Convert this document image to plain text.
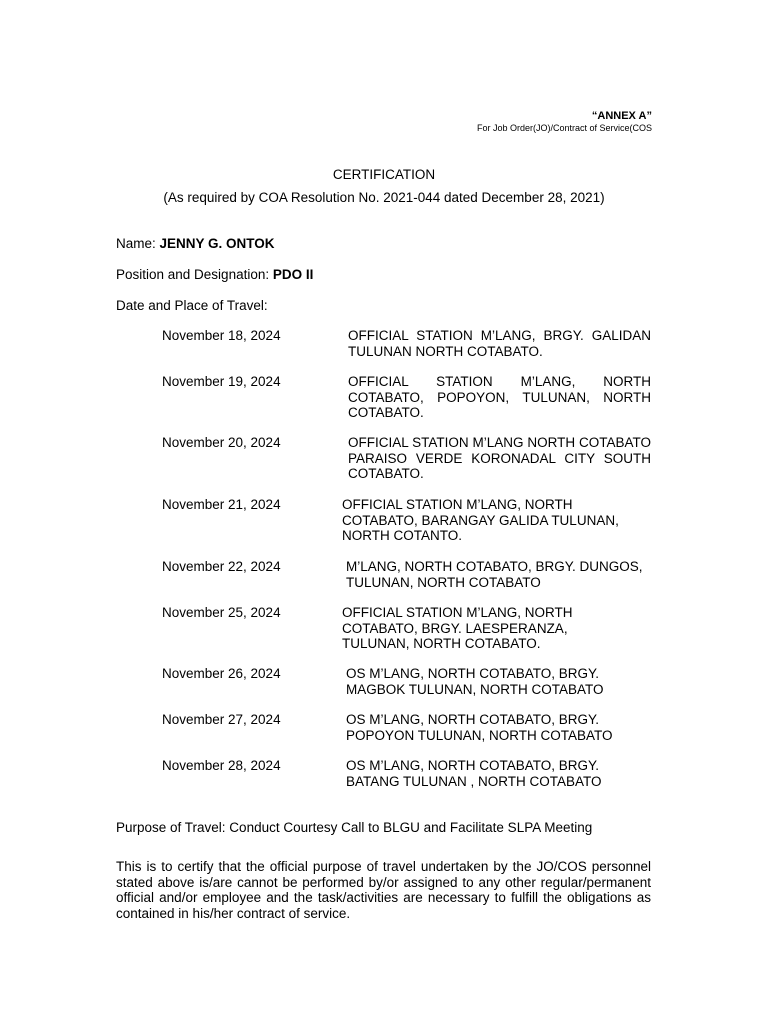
“ANNEX A”
For Job Order(JO)/Contract of Service(COS
CERTIFICATION
(As required by COA Resolution No. 2021-044 dated December 28, 2021)
Name: JENNY G. ONTOK
Position and Designation: PDO II
Date and Place of Travel:
November 18, 2024	OFFICIAL STATION M’LANG, BRGY. GALIDAN TULUNAN NORTH COTABATO.
November 19, 2024	OFFICIAL STATION M’LANG, NORTH COTABATO, POPOYON, TULUNAN, NORTH COTABATO.
November 20, 2024	OFFICIAL STATION M’LANG NORTH COTABATO PARAISO VERDE KORONADAL CITY SOUTH COTABATO.
November 21, 2024	OFFICIAL STATION M’LANG, NORTH COTABATO, BARANGAY GALIDA TULUNAN, NORTH COTANTO.
November 22, 2024	M’LANG, NORTH COTABATO, BRGY. DUNGOS, TULUNAN, NORTH COTABATO
November 25, 2024	OFFICIAL STATION M’LANG, NORTH COTABATO, BRGY. LAESPERANZA, TULUNAN, NORTH COTABATO.
November 26, 2024	OS M’LANG, NORTH COTABATO, BRGY. MAGBOK TULUNAN, NORTH COTABATO
November 27, 2024	OS M’LANG, NORTH COTABATO, BRGY. POPOYON TULUNAN, NORTH COTABATO
November 28, 2024	OS M’LANG, NORTH COTABATO, BRGY. BATANG TULUNAN , NORTH COTABATO
Purpose of Travel: Conduct Courtesy Call to BLGU and Facilitate SLPA Meeting
This is to certify that the official purpose of travel undertaken by the JO/COS personnel stated above is/are cannot be performed by/or assigned to any other regular/permanent official and/or employee and the task/activities are necessary to fulfill the obligations as contained in his/her contract of service.
